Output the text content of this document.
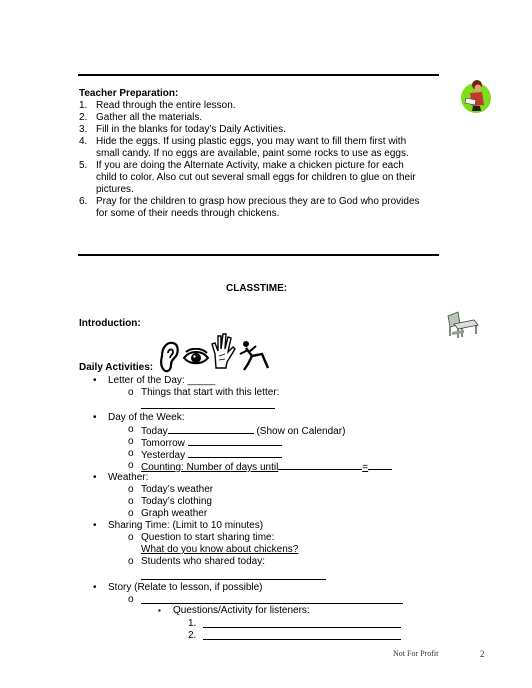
Teacher Preparation:
1. Read through the entire lesson.
2. Gather all the materials.
3. Fill in the blanks for today’s Daily Activities.
4. Hide the eggs. If using plastic eggs, you may want to fill them first with
small candy. If no eggs are available, paint some rocks to use as eggs.
5. If you are doing the Alternate Activity, make a chicken picture for each
child to color. Also cut out several small eggs for children to glue on their
pictures.
6. Pray for the children to grasp how precious they are to God who provides
for some of their needs through chickens.
CLASSTIME:
Introduction:
Daily Activities:
• Letter of the Day: _____
o Things that start with this letter:
• Day of the Week:
o Today	(Show on Calendar)
o Tomorrow
o Yesterday
o Counting: Number of days until	=
• Weather:
o Today’s weather
o Today’s clothing
o Graph weather
• Sharing Time: (Limit to 10 minutes)
o Question to start sharing time:
What do you know about chickens?
o Students who shared today:
• Story (Relate to lesson, if possible)
o
▪ Questions/Activity for listeners:
1.
2.
Not For Profit	2
